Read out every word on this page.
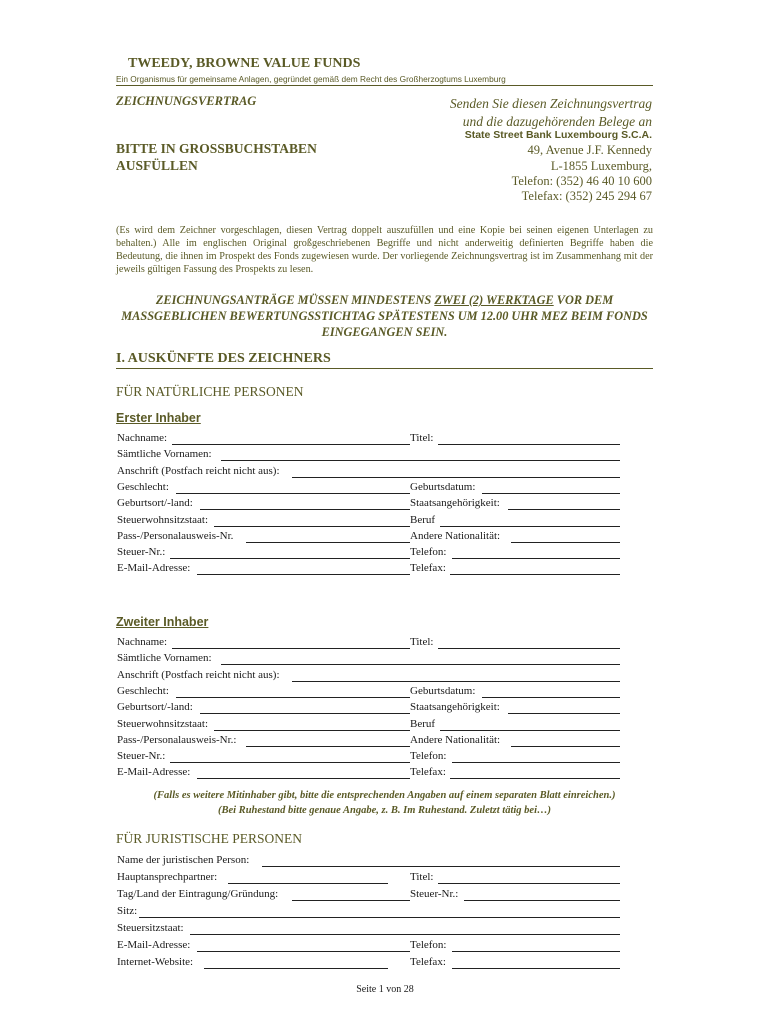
TWEEDY, BROWNE VALUE FUNDS
Ein Organismus für gemeinsame Anlagen, gegründet gemäß dem Recht des Großherzogtums Luxemburg
ZEICHNUNGSVERTRAG	Senden Sie diesen Zeichnungsvertrag
und die dazugehörenden Belege an
State Street Bank Luxembourg S.C.A.
49, Avenue J.F. Kennedy
L-1855 Luxemburg,
Telefon: (352) 46 40 10 600
Telefax: (352) 245 294 67
BITTE IN GROSSBUCHSTABEN
AUSFÜLLEN
(Es wird dem Zeichner vorgeschlagen, diesen Vertrag doppelt auszufüllen und eine Kopie bei seinen eigenen Unterlagen zu behalten.) Alle im englischen Original großgeschriebenen Begriffe und nicht anderweitig definierten Begriffe haben die Bedeutung, die ihnen im Prospekt des Fonds zugewiesen wurde. Der vorliegende Zeichnungsvertrag ist im Zusammenhang mit der jeweils gültigen Fassung des Prospekts zu lesen.
ZEICHNUNGSANTRÄGE MÜSSEN MINDESTENS ZWEI (2) WERKTAGE VOR DEM MASSGEBLICHEN BEWERTUNGSSTICHTAG SPÄTESTENS UM 12.00 UHR MEZ BEIM FONDS EINGEGANGEN SEIN.
I. AUSKÜNFTE DES ZEICHNERS
FÜR NATÜRLICHE PERSONEN
Erster Inhaber
Nachname:	Titel:
Sämtliche Vornamen:
Anschrift (Postfach reicht nicht aus):
Geschlecht:	Geburtsdatum:
Geburtsort/-land:	Staatsangehörigkeit:
Steuerwohnsitzstaat:	Beruf
Pass-/Personalausweis-Nr.	Andere Nationalität:
Steuer-Nr.:	Telefon:
E-Mail-Adresse:	Telefax:
Zweiter Inhaber
Nachname:	Titel:
Sämtliche Vornamen:
Anschrift (Postfach reicht nicht aus):
Geschlecht:	Geburtsdatum:
Geburtsort/-land:	Staatsangehörigkeit:
Steuerwohnsitzstaat:	Beruf
Pass-/Personalausweis-Nr.:	Andere Nationalität:
Steuer-Nr.:	Telefon:
E-Mail-Adresse:	Telefax:
(Falls es weitere Mitinhaber gibt, bitte die entsprechenden Angaben auf einem separaten Blatt einreichen.)
(Bei Ruhestand bitte genaue Angabe, z. B. Im Ruhestand. Zuletzt tätig bei…)
FÜR JURISTISCHE PERSONEN
Name der juristischen Person:
Hauptansprechpartner:	Titel:
Tag/Land der Eintragung/Gründung:	Steuer-Nr.:
Sitz:
Steuersitzstaat:
E-Mail-Adresse:	Telefon:
Internet-Website:	Telefax:
Seite 1 von 28
